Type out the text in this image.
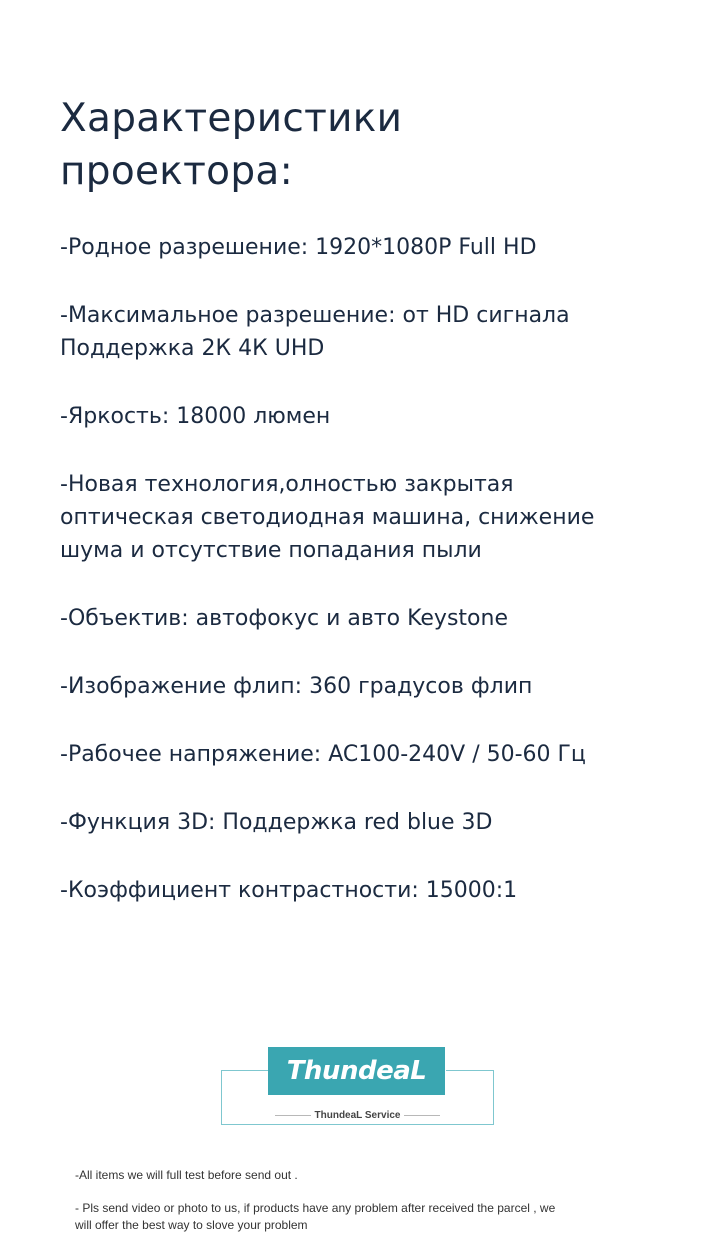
Характеристики
проектора:
-Родное разрешение: 1920*1080P Full HD
-Максимальное разрешение: от HD сигнала
Поддержка 2К 4К UHD
-Яркость: 18000 люмен
-Новая технология,олностью закрытая
оптическая светодиодная машина, снижение
шума и отсутствие попадания пыли
-Объектив: автофокус и авто Keystone
-Изображение флип: 360 градусов флип
-Рабочее напряжение: AC100-240V / 50-60 Гц
-Функция 3D: Поддержка red blue 3D
-Коэффициент контрастности: 15000:1
ThundeaL
ThundeaL Service

-All items we will full test before send out .

- Pls send video or photo to us, if products have any problem after received the parcel , we

will offer the best way to slove your problem
